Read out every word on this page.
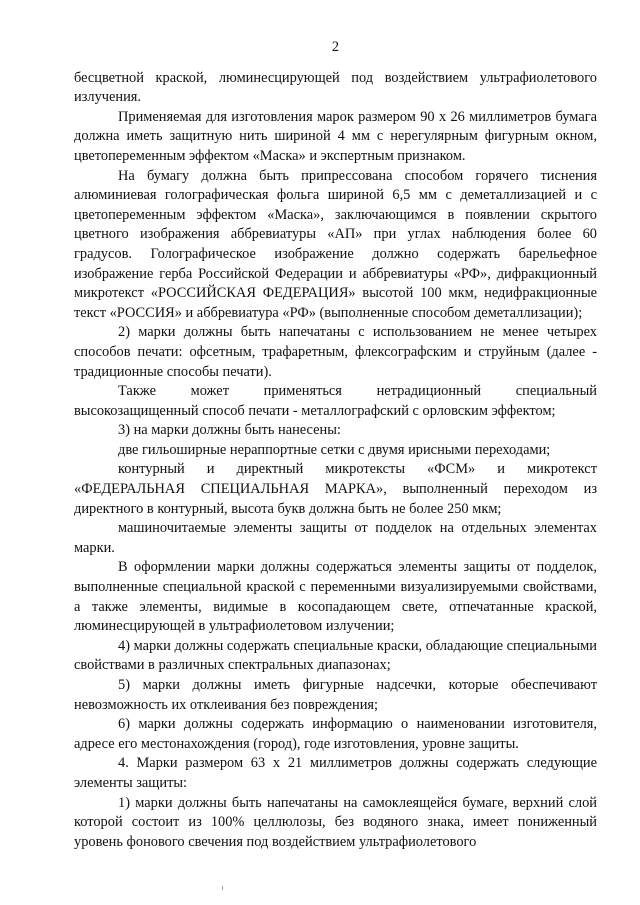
2

бесцветной краской, люминесцирующей под воздействием ультрафиолетового излучения.

Применяемая для изготовления марок размером 90 х 26 миллиметров бумага должна иметь защитную нить шириной 4 мм с нерегулярным фигурным окном, цветопеременным эффектом «Маска» и экспертным признаком.

На бумагу должна быть припрессована способом горячего тиснения алюминиевая голографическая фольга шириной 6,5 мм с деметаллизацией и с цветопеременным эффектом «Маска», заключающимся в появлении скрытого цветного изображения аббревиатуры «АП» при углах наблюдения более 60 градусов. Голографическое изображение должно содержать барельефное изображение герба Российской Федерации и аббревиатуры «РФ», дифракционный микротекст «РОССИЙСКАЯ ФЕДЕРАЦИЯ» высотой 100 мкм, недифракционные текст «РОССИЯ» и аббревиатура «РФ» (выполненные способом деметаллизации);

2) марки должны быть напечатаны с использованием не менее четырех способов печати: офсетным, трафаретным, флексографским и струйным (далее - традиционные способы печати).

Также может применяться нетрадиционный специальный высокозащищенный способ печати - металлографский с орловским эффектом;

3) на марки должны быть нанесены:

две гильоширные нераппортные сетки с двумя ирисными переходами;

контурный и директный микротексты «ФСМ» и микротекст «ФЕДЕРАЛЬНАЯ СПЕЦИАЛЬНАЯ МАРКА», выполненный переходом из директного в контурный, высота букв должна быть не более 250 мкм;

машиночитаемые элементы защиты от подделок на отдельных элементах марки.

В оформлении марки должны содержаться элементы защиты от подделок, выполненные специальной краской с переменными визуализируемыми свойствами, а также элементы, видимые в косопадающем свете, отпечатанные краской, люминесцирующей в ультрафиолетовом излучении;

4) марки должны содержать специальные краски, обладающие специальными свойствами в различных спектральных диапазонах;

5) марки должны иметь фигурные надсечки, которые обеспечивают невозможность их отклеивания без повреждения;

6) марки должны содержать информацию о наименовании изготовителя, адресе его местонахождения (город), годе изготовления, уровне защиты.

4. Марки размером 63 х 21 миллиметров должны содержать следующие элементы защиты:

1) марки должны быть напечатаны на самоклеящейся бумаге, верхний слой которой состоит из 100% целлюлозы, без водяного знака, имеет пониженный уровень фонового свечения под воздействием ультрафиолетового
